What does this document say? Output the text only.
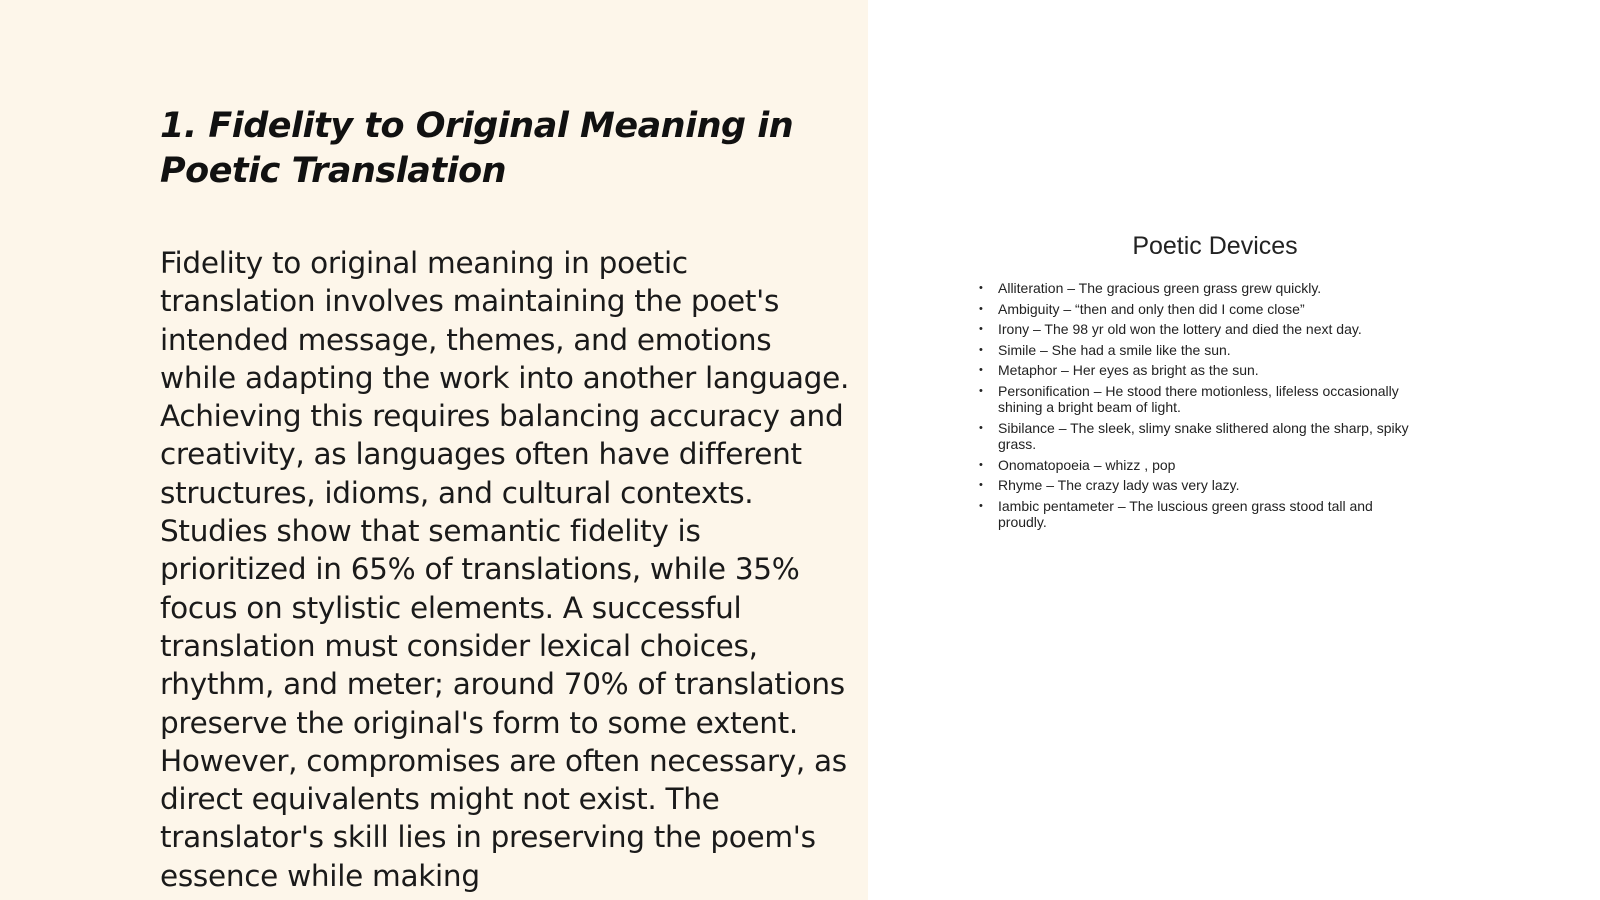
1. Fidelity to Original Meaning in Poetic Translation

Fidelity to original meaning in poetic translation involves maintaining the poet's intended message, themes, and emotions while adapting the work into another language. Achieving this requires balancing accuracy and creativity, as languages often have different structures, idioms, and cultural contexts. Studies show that semantic fidelity is prioritized in 65% of translations, while 35% focus on stylistic elements. A successful translation must consider lexical choices, rhythm, and meter; around 70% of translations preserve the original's form to some extent. However, compromises are often necessary, as direct equivalents might not exist. The translator's skill lies in preserving the poem's essence while making

Poetic Devices
• Alliteration – The gracious green grass grew quickly.
• Ambiguity – “then and only then did I come close”
• Irony – The 98 yr old won the lottery and died the next day.
• Simile – She had a smile like the sun.
• Metaphor – Her eyes as bright as the sun.
• Personification – He stood there motionless, lifeless occasionally shining a bright beam of light.
• Sibilance – The sleek, slimy snake slithered along the sharp, spiky grass.
• Onomatopoeia – whizz , pop
• Rhyme – The crazy lady was very lazy.
• Iambic pentameter – The luscious green grass stood tall and proudly.
